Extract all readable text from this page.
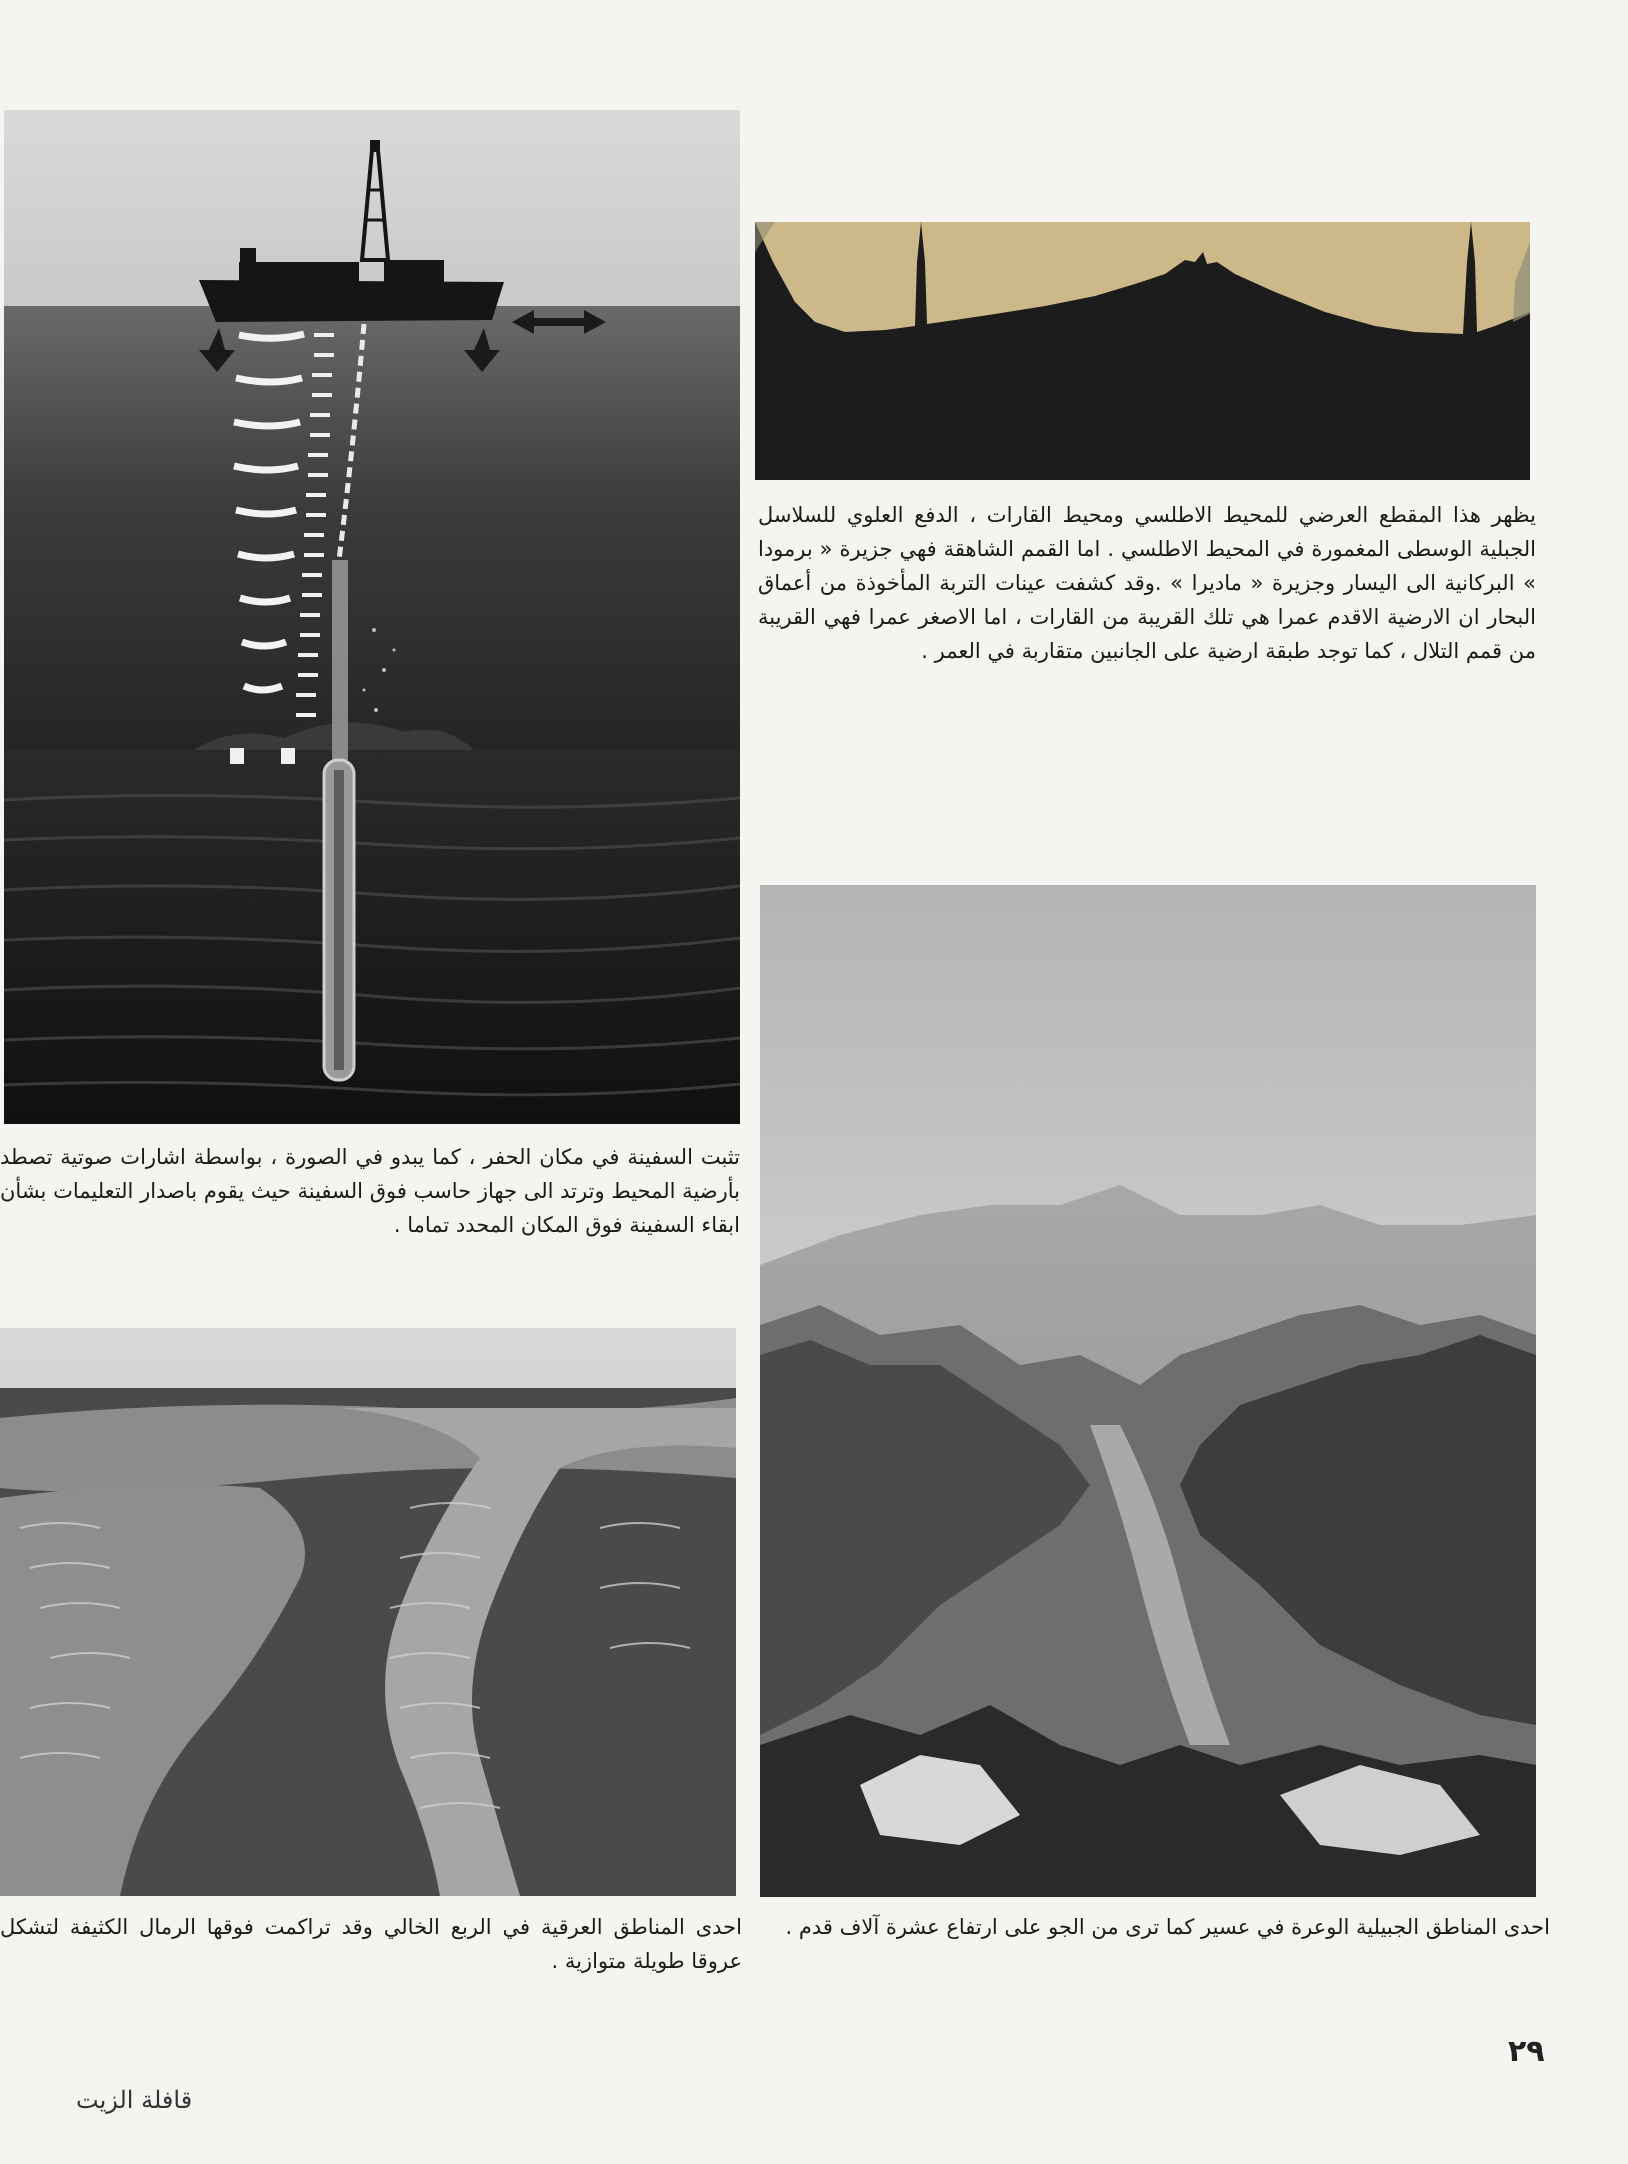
يظهر هذا المقطع العرضي للمحيط الاطلسي ومحيط القارات ، الدفع العلوي للسلاسل الجبلية الوسطى المغمورة في المحيط الاطلسي . اما القمم الشاهقة فهي جزيرة « برمودا » البركانية الى اليسار وجزيرة « ماديرا » .وقد كشفت عينات التربة المأخوذة من أعماق البحار ان الارضية الاقدم عمرا هي تلك القريبة من القارات ، اما الاصغر عمرا فهي القريبة من قمم التلال ، كما توجد طبقة ارضية على الجانبين متقاربة في العمر .
تثبت السفينة في مكان الحفر ، كما يبدو في الصورة ، بواسطة اشارات صوتية تصطد بأرضية المحيط وترتد الى جهاز حاسب فوق السفينة حيث يقوم باصدار التعليمات بشأن ابقاء السفينة فوق المكان المحدد تماما .
احدى المناطق الجبيلية الوعرة في عسير كما ترى من الجو على ارتفاع عشرة آلاف قدم .
احدى المناطق العرقية في الربع الخالي وقد تراكمت فوقها الرمال الكثيفة لتشكل عروقا طويلة متوازية .
٢٩
قافلة الزيت
